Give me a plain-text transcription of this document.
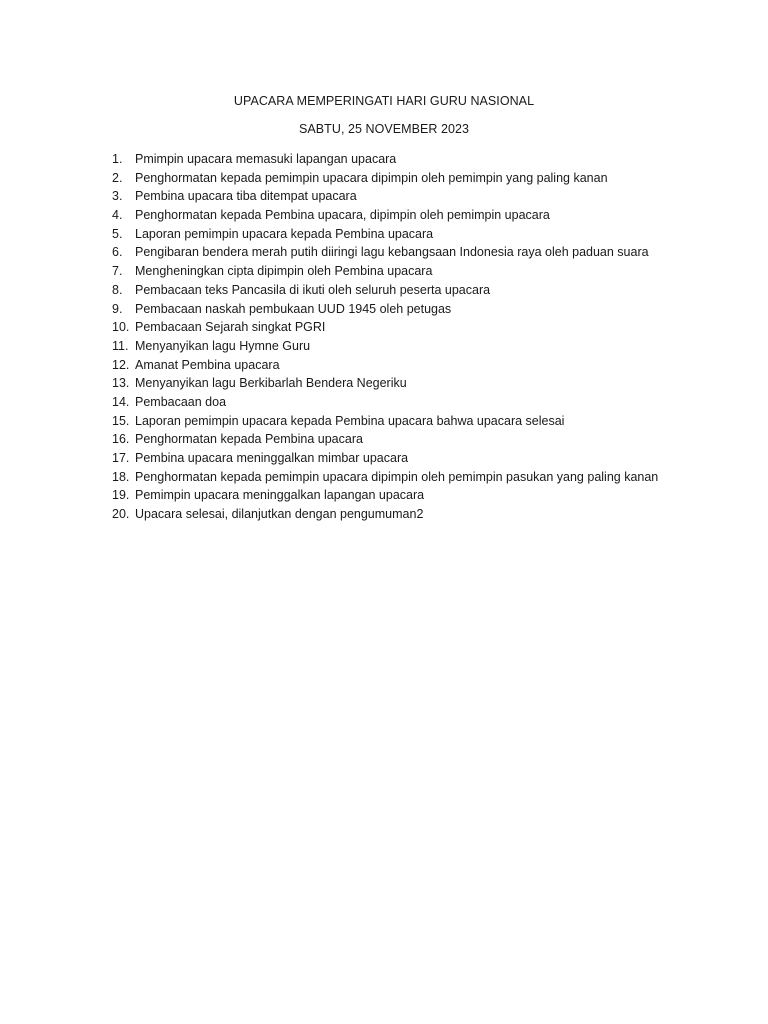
UPACARA MEMPERINGATI HARI GURU NASIONAL
SABTU, 25 NOVEMBER 2023
1. Pmimpin upacara memasuki lapangan upacara
2. Penghormatan kepada pemimpin upacara dipimpin oleh pemimpin yang paling kanan
3. Pembina upacara tiba ditempat upacara
4. Penghormatan kepada Pembina upacara, dipimpin oleh pemimpin upacara
5. Laporan pemimpin upacara kepada Pembina upacara
6. Pengibaran bendera merah putih diiringi lagu kebangsaan Indonesia raya oleh paduan suara
7. Mengheningkan cipta dipimpin oleh Pembina upacara
8. Pembacaan teks Pancasila di ikuti oleh seluruh peserta upacara
9. Pembacaan naskah pembukaan UUD 1945 oleh petugas
10. Pembacaan Sejarah singkat PGRI
11. Menyanyikan lagu Hymne Guru
12. Amanat Pembina upacara
13. Menyanyikan lagu Berkibarlah Bendera Negeriku
14. Pembacaan doa
15. Laporan pemimpin upacara kepada Pembina upacara bahwa upacara selesai
16. Penghormatan kepada Pembina upacara
17. Pembina upacara meninggalkan mimbar upacara
18. Penghormatan kepada pemimpin upacara dipimpin oleh pemimpin pasukan yang paling kanan
19. Pemimpin upacara meninggalkan lapangan upacara
20. Upacara selesai, dilanjutkan dengan pengumuman2
